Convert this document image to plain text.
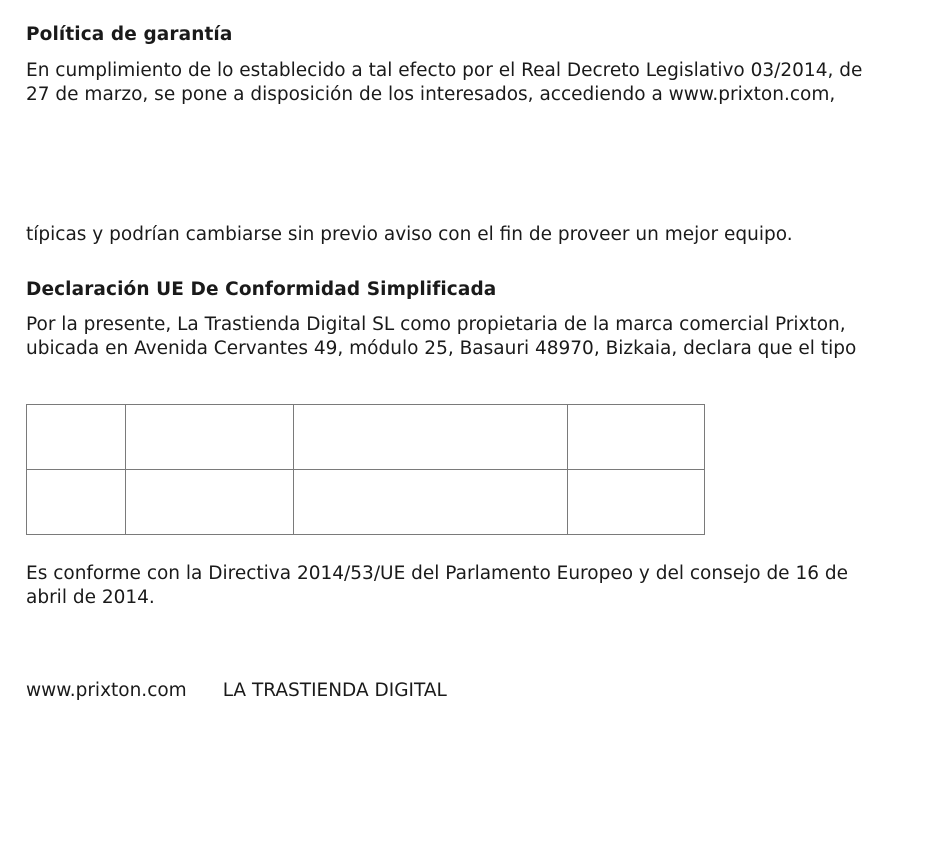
Política de garantía
En cumplimiento de lo establecido a tal efecto por el Real Decreto Legislativo 03/2014, de
27 de marzo, se pone a disposición de los interesados, accediendo a www.prixton.com,
típicas y podrían cambiarse sin previo aviso con el fin de proveer un mejor equipo.
Declaración UE De Conformidad Simplificada
Por la presente, La Trastienda Digital SL como propietaria de la marca comercial Prixton,
ubicada en Avenida Cervantes 49, módulo 25, Basauri 48970, Bizkaia, declara que el tipo

Es conforme con la Directiva 2014/53/UE del Parlamento Europeo y del consejo de 16 de
abril de 2014.
www.prixton.com LA TRASTIENDA DIGITAL
